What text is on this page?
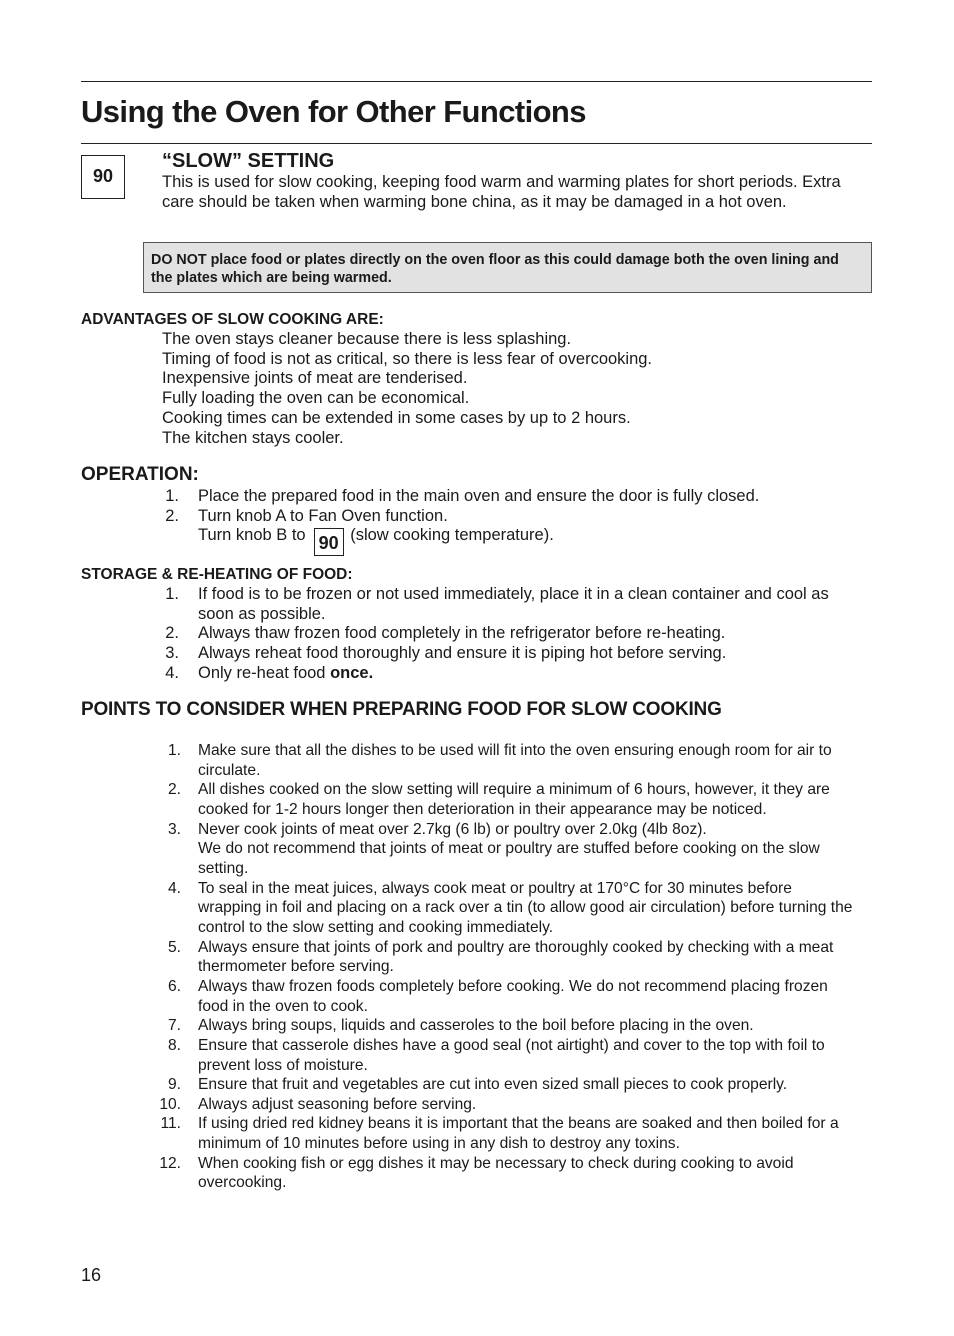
Using the Oven for Other Functions
90
“SLOW” SETTING
This is used for slow cooking, keeping food warm and warming plates for short periods. Extra care should be taken when warming bone china, as it may be damaged in a hot oven.
DO NOT place food or plates directly on the oven floor as this could damage both the oven lining and the plates which are being warmed.
ADVANTAGES OF SLOW COOKING ARE:
The oven stays cleaner because there is less splashing.
Timing of food is not as critical, so there is less fear of overcooking.
Inexpensive joints of meat are tenderised.
Fully loading the oven can be economical.
Cooking times can be extended in some cases by up to 2 hours.
The kitchen stays cooler.
OPERATION:
1. Place the prepared food in the main oven and ensure the door is fully closed.
2. Turn knob A to Fan Oven function.
Turn knob B to 90 (slow cooking temperature).
STORAGE & RE-HEATING OF FOOD:
1. If food is to be frozen or not used immediately, place it in a clean container and cool as soon as possible.
2. Always thaw frozen food completely in the refrigerator before re-heating.
3. Always reheat food thoroughly and ensure it is piping hot before serving.
4. Only re-heat food once.
POINTS TO CONSIDER WHEN PREPARING FOOD FOR SLOW COOKING
1. Make sure that all the dishes to be used will fit into the oven ensuring enough room for air to circulate.
2. All dishes cooked on the slow setting will require a minimum of 6 hours, however, it they are cooked for 1-2 hours longer then deterioration in their appearance may be noticed.
3. Never cook joints of meat over 2.7kg (6 lb) or poultry over 2.0kg (4lb 8oz).
We do not recommend that joints of meat or poultry are stuffed before cooking on the slow setting.
4. To seal in the meat juices, always cook meat or poultry at 170°C for 30 minutes before wrapping in foil and placing on a rack over a tin (to allow good air circulation) before turning the control to the slow setting and cooking immediately.
5. Always ensure that joints of pork and poultry are thoroughly cooked by checking with a meat thermometer before serving.
6. Always thaw frozen foods completely before cooking. We do not recommend placing frozen food in the oven to cook.
7. Always bring soups, liquids and casseroles to the boil before placing in the oven.
8. Ensure that casserole dishes have a good seal (not airtight) and cover to the top with foil to prevent loss of moisture.
9. Ensure that fruit and vegetables are cut into even sized small pieces to cook properly.
10. Always adjust seasoning before serving.
11. If using dried red kidney beans it is important that the beans are soaked and then boiled for a minimum of 10 minutes before using in any dish to destroy any toxins.
12. When cooking fish or egg dishes it may be necessary to check during cooking to avoid overcooking.
16
